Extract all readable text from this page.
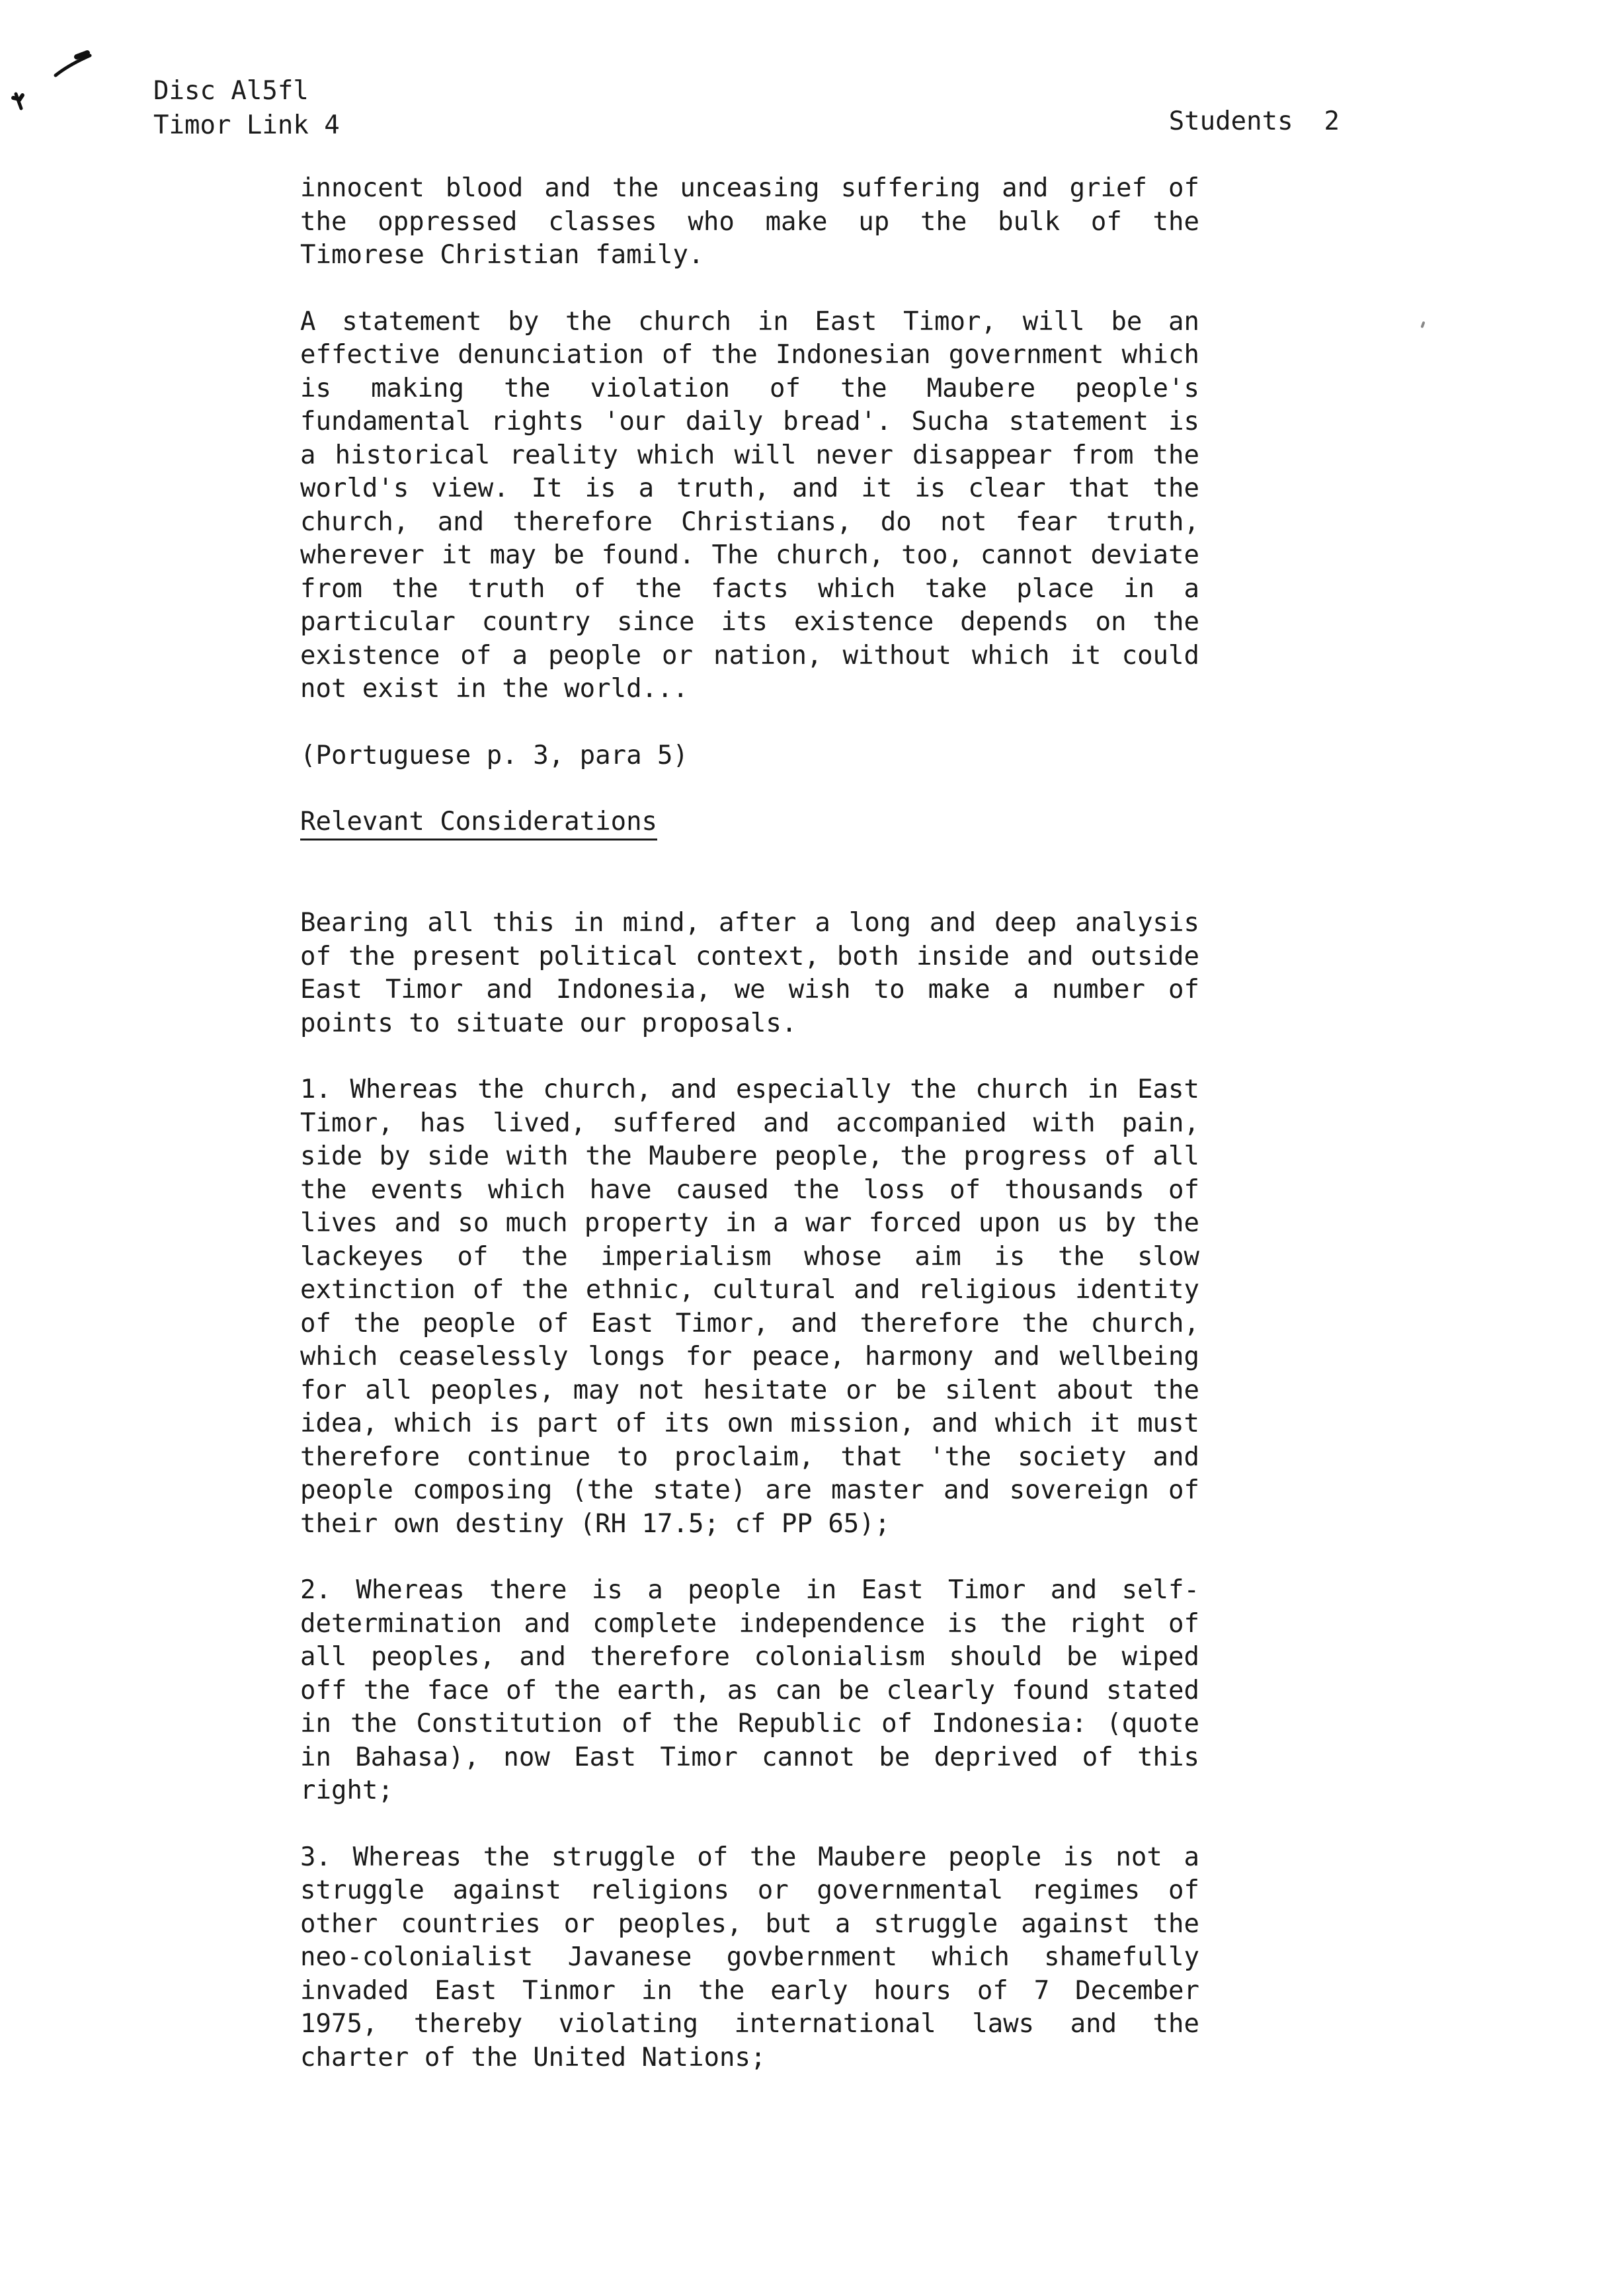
Disc Al5fl
Timor Link 4	Students 2

innocent blood and the unceasing suffering and grief of the oppressed classes who make up the bulk of the Timorese Christian family.

A statement by the church in East Timor, will be an effective denunciation of the Indonesian government which is making the violation of the Maubere people's fundamental rights 'our daily bread'. Sucha statement is a historical reality which will never disappear from the world's view. It is a truth, and it is clear that the church, and therefore Christians, do not fear truth, wherever it may be found. The church, too, cannot deviate from the truth of the facts which take place in a particular country since its existence depends on the existence of a people or nation, without which it could not exist in the world...

(Portuguese p. 3, para 5)

Relevant Considerations

Bearing all this in mind, after a long and deep analysis of the present political context, both inside and outside East Timor and Indonesia, we wish to make a number of points to situate our proposals.

1. Whereas the church, and especially the church in East Timor, has lived, suffered and accompanied with pain, side by side with the Maubere people, the progress of all the events which have caused the loss of thousands of lives and so much property in a war forced upon us by the lackeyes of the imperialism whose aim is the slow extinction of the ethnic, cultural and religious identity of the people of East Timor, and therefore the church, which ceaselessly longs for peace, harmony and wellbeing for all peoples, may not hesitate or be silent about the idea, which is part of its own mission, and which it must therefore continue to proclaim, that 'the society and people composing (the state) are master and sovereign of their own destiny (RH 17.5; cf PP 65);

2. Whereas there is a people in East Timor and self-determination and complete independence is the right of all peoples, and therefore colonialism should be wiped off the face of the earth, as can be clearly found stated in the Constitution of the Republic of Indonesia: (quote in Bahasa), now East Timor cannot be deprived of this right;

3. Whereas the struggle of the Maubere people is not a struggle against religions or governmental regimes of other countries or peoples, but a struggle against the neo-colonialist Javanese govbernment which shamefully invaded East Tinmor in the early hours of 7 December 1975, thereby violating international laws and the charter of the United Nations;
